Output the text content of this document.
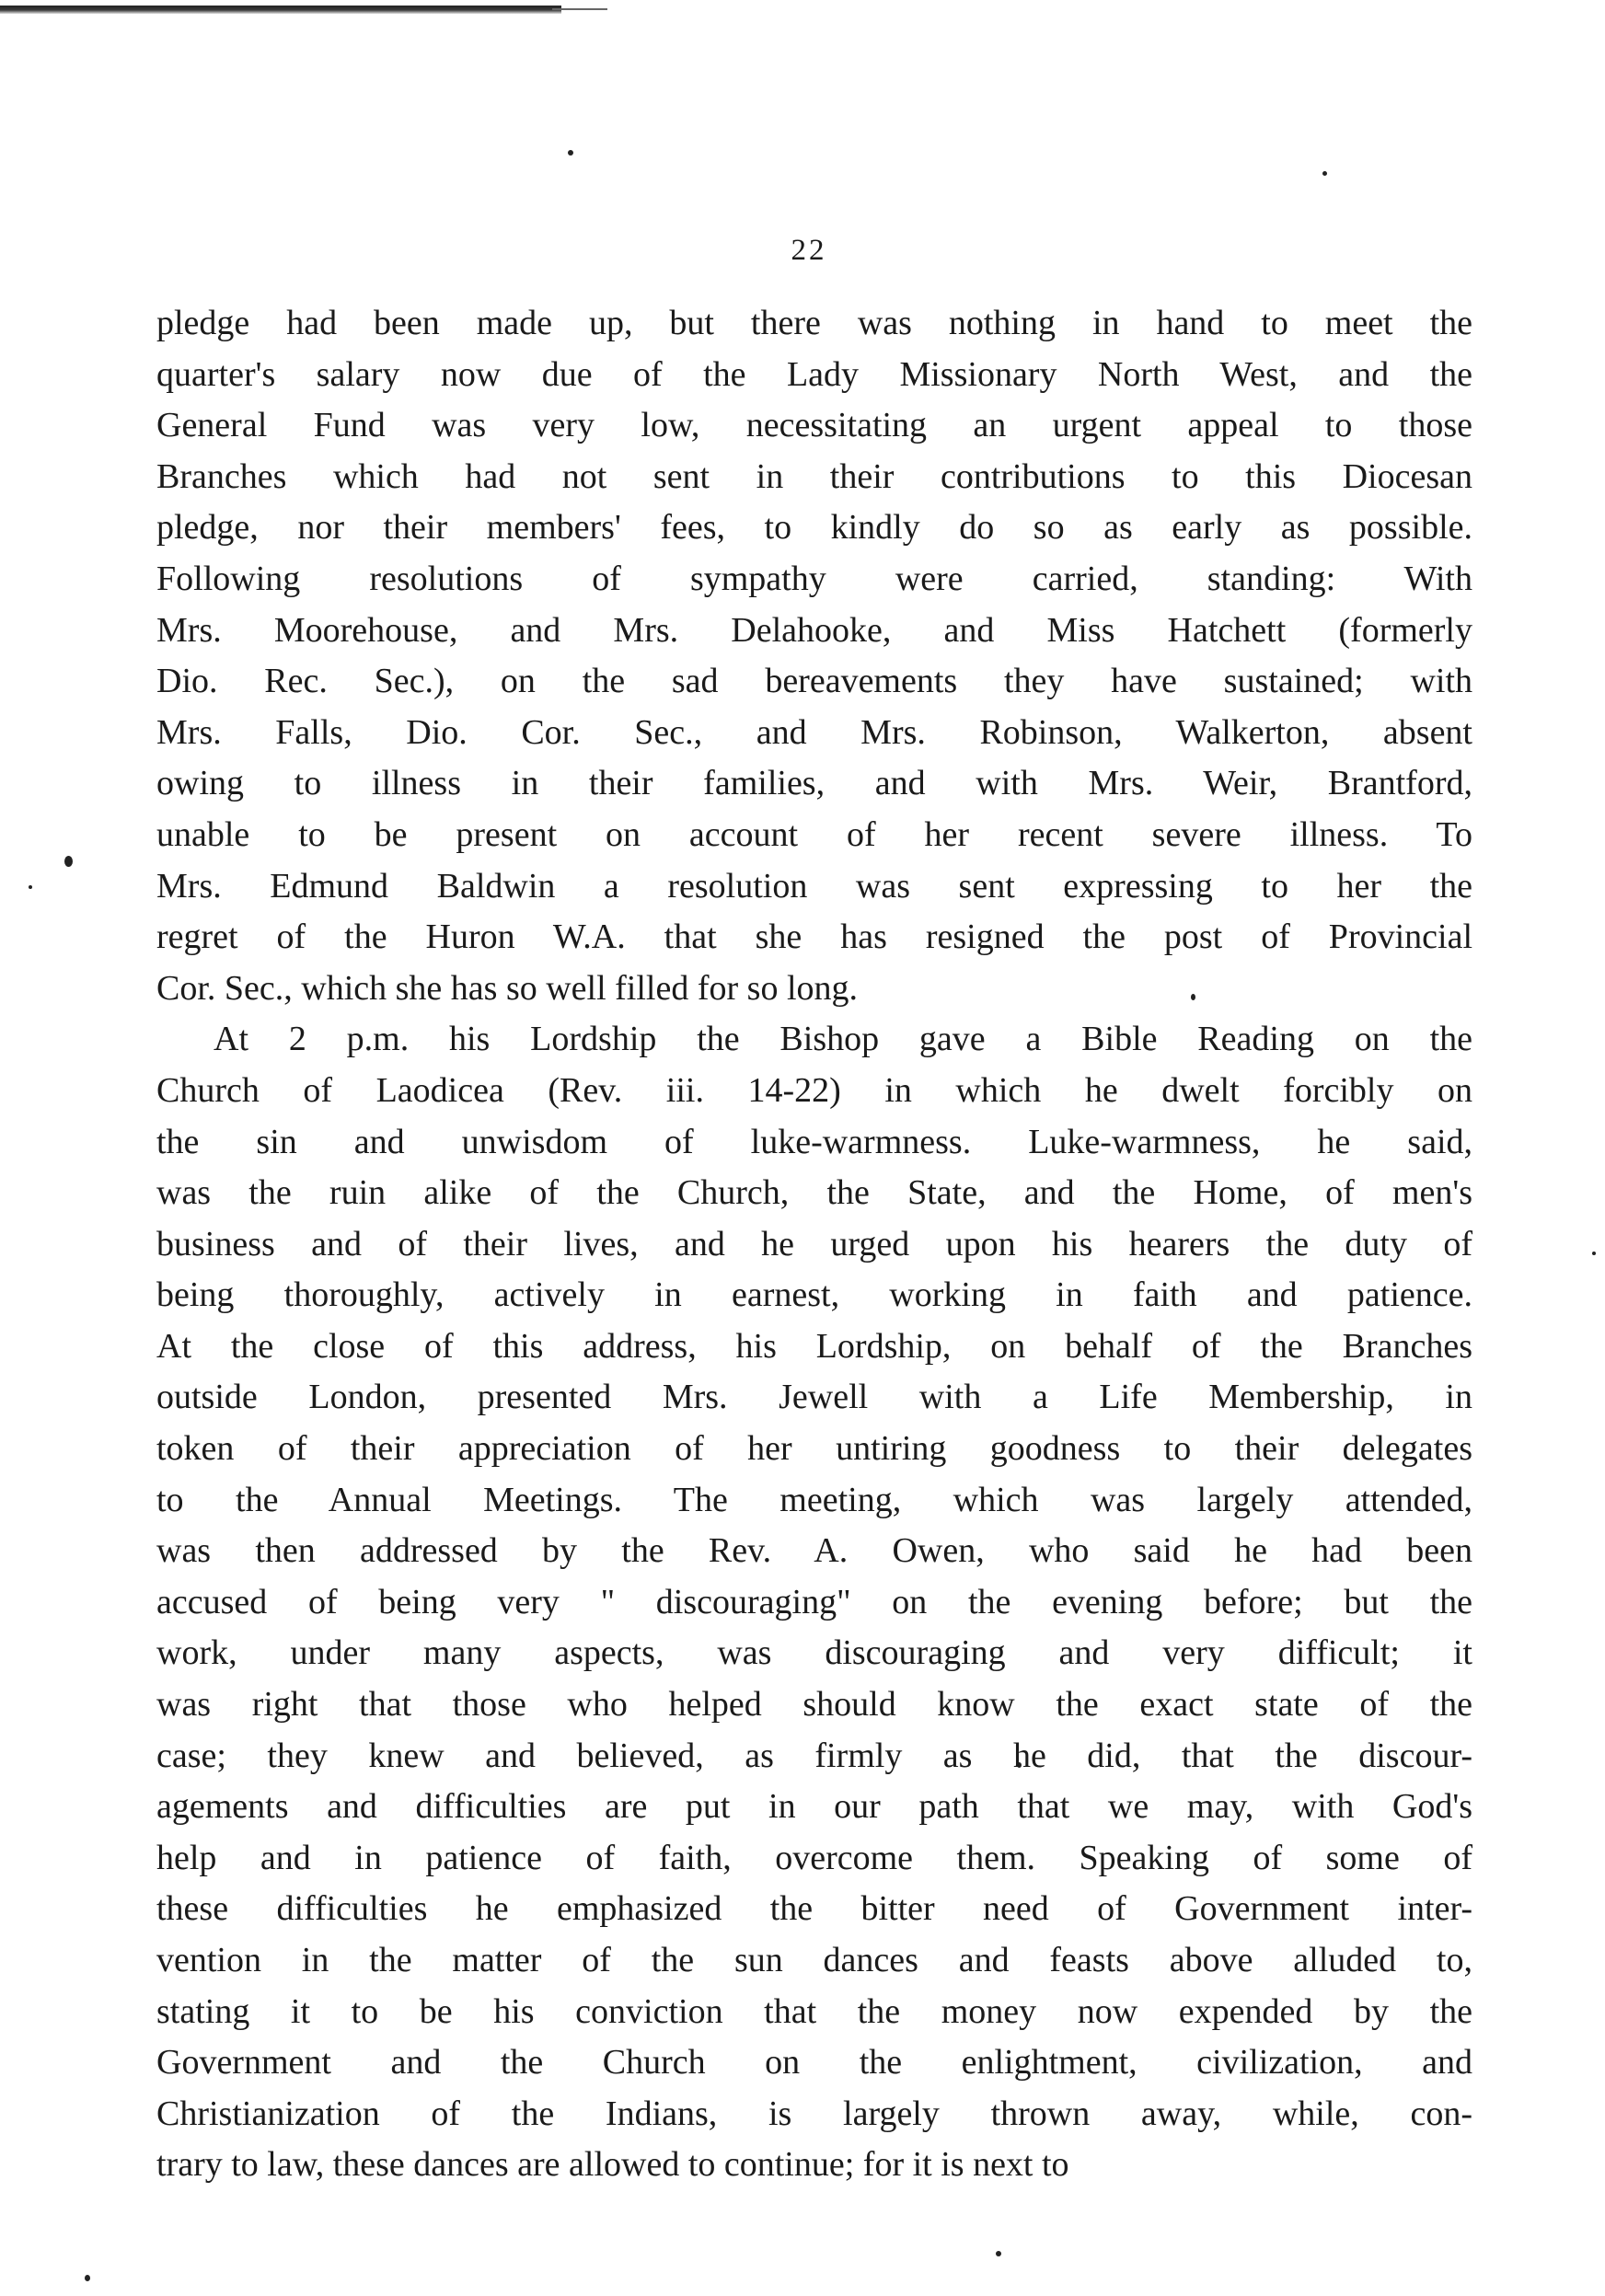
22
pledge had been made up, but there was nothing in hand to meet the
quarter's salary now due of the Lady Missionary North West, and the
General Fund was very low, necessitating an urgent appeal to those
Branches which had not sent in their contributions to this Diocesan
pledge, nor their members' fees, to kindly do so as early as possible.
Following resolutions of sympathy were carried, standing: With
Mrs. Moorehouse, and Mrs. Delahooke, and Miss Hatchett (formerly
Dio. Rec. Sec.), on the sad bereavements they have sustained; with
Mrs. Falls, Dio. Cor. Sec., and Mrs. Robinson, Walkerton, absent
owing to illness in their families, and with Mrs. Weir, Brantford,
unable to be present on account of her recent severe illness. To
Mrs. Edmund Baldwin a resolution was sent expressing to her the
regret of the Huron W.A. that she has resigned the post of Provincial
Cor. Sec., which she has so well filled for so long.
At 2 p.m. his Lordship the Bishop gave a Bible Reading on the
Church of Laodicea (Rev. iii. 14-22) in which he dwelt forcibly on
the sin and unwisdom of luke-warmness. Luke-warmness, he said,
was the ruin alike of the Church, the State, and the Home, of men's
business and of their lives, and he urged upon his hearers the duty of
being thoroughly, actively in earnest, working in faith and patience.
At the close of this address, his Lordship, on behalf of the Branches
outside London, presented Mrs. Jewell with a Life Membership, in
token of their appreciation of her untiring goodness to their delegates
to the Annual Meetings. The meeting, which was largely attended,
was then addressed by the Rev. A. Owen, who said he had been
accused of being very " discouraging" on the evening before; but the
work, under many aspects, was discouraging and very difficult; it
was right that those who helped should know the exact state of the
case; they knew and believed, as firmly as he did, that the discour-
agements and difficulties are put in our path that we may, with God's
help and in patience of faith, overcome them. Speaking of some of
these difficulties he emphasized the bitter need of Government inter-
vention in the matter of the sun dances and feasts above alluded to,
stating it to be his conviction that the money now expended by the
Government and the Church on the enlightment, civilization, and
Christianization of the Indians, is largely thrown away, while, con-
trary to law, these dances are allowed to continue; for it is next to
